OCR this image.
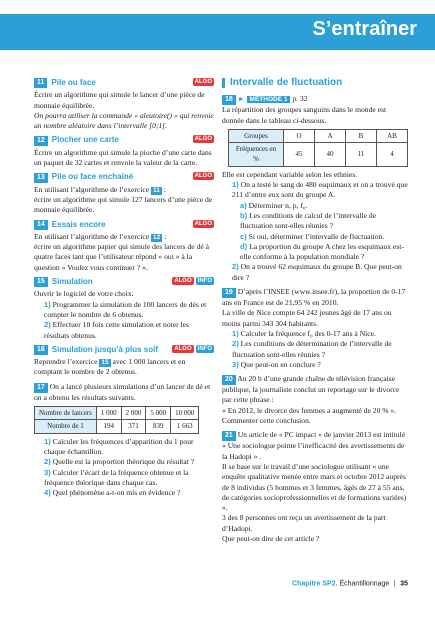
S’entraîner
11 Pile ou face	ALGO

Écrire un algorithme qui simule le lancer d’une pièce de monnaie équilibrée.

On pourra utiliser la commande « aleatoire() » qui renvoie un nombre aléatoire dans l’intervalle [0;1[.

12 Piocher une carte	ALGO

Écrire un algorithme qui simule la pioche d’une carte dans un paquet de 32 cartes et renvoie la valeur de la carte.

13 Pile ou face enchaîné	ALGO

En utilisant l’algorithme de l’exercice 11 :

écrire un algorithme qui simule 127 lancers d’une pièce de monnaie équilibrée.

14 Essais encore	ALGO

En utilisant l’algorithme de l’exercice 12 :

écrire un algorithme papier qui simule des lancers de dé à quatre faces tant que l’utilisateur répond « oui » à la question « Voulez vous continuer ? ».

15 Simulation	ALGO	INFO

Ouvrir le logiciel de votre choix.

1) Programmer la simulation de 100 lancers de dés et compter le nombre de 6 obtenus.
2) Effectuer 10 fois cette simulation et noter les résultats obtenus.
16 Simulation jusqu’à plus soif	ALGO	INFO

Reprendre l’exercice 15 avec 1 000 lancers et en comptant le nombre de 2 obtenus.

17 On a lancé plusieurs simulations d’un lancer de dé et on a obtenu les résultats suivants.

Nombre de lancers	1 000	2 000	5 000	10 000
Nombre de 1	194	371	839	1 663
1) Calculer les fréquences d’apparition du 1 pour chaque échantillon.
2) Quelle est la proportion théorique du résultat ?
3) Calculer l’écart de la fréquence obtenue et la fréquence théorique dans chaque cas.
4) Quel phénomène a-t-on mis en évidence ?
Intervalle de fluctuation

18 ► MÉTHODE 1 p. 32

La répartition des groupes sanguins dans le monde est donnée dans le tableau ci-dessous.

Groupes	O	A	B	AB
Fréquences en %	45	40	11	4

Elle est cependant variable selon les ethnies.

1) On a testé le sang de 480 esquimaux et on a trouvé que 211 d’entre eux sont du groupe A.
a) Déterminer n, p, f₀.
b) Les conditions de calcul de l’intervalle de fluctuation sont-elles réunies ?
c) Si oui, déterminer l’intervalle de fluctuation.
d) La proportion du groupe A chez les esquimaux est-elle conforme à la population mondiale ?
2) On a trouvé 62 esquimaux du groupe B. Que peut-on dire ?

19 D’après l’INSEE (www.insee.fr), la proportion de 0-17 ans en France est de 21,95 % en 2010.

La ville de Nice compte 64 242 jeunes âgé de 17 ans ou moins parmi 343 304 habitants.

1) Calculer la fréquence f₀ des 0-17 ans à Nice.
2) Les conditions de détermination de l’intervalle de fluctuation sont-elles réunies ?
3) Que peut-on en conclure ?

20 Au 20 h d’une grande chaîne de télévision française publique, la journaliste conclut un reportage sur le divorce par cette phrase :

« En 2012, le divorce des femmes a augmenté de 20 % ».

Commenter cette conclusion.

21 Un article de « PC impact » de janvier 2013 est intitulé « Une sociologue pointe l’inefficacité des avertissements de la Hadopi » .

Il se base sur le travail d’une sociologue utilisant « une enquête qualitative menée entre mars et octobre 2012 auprès de 8 individus (5 hommes et 3 femmes, âgés de 27 à 55 ans, de catégories socioprofessionnelles et de formations variées) ».

3 des 8 personnes ont reçu un avertissement de la part d’Hadopi.

Que peut-on dire de cet article ?

Chapitre SP2. Échantillonnage 35
